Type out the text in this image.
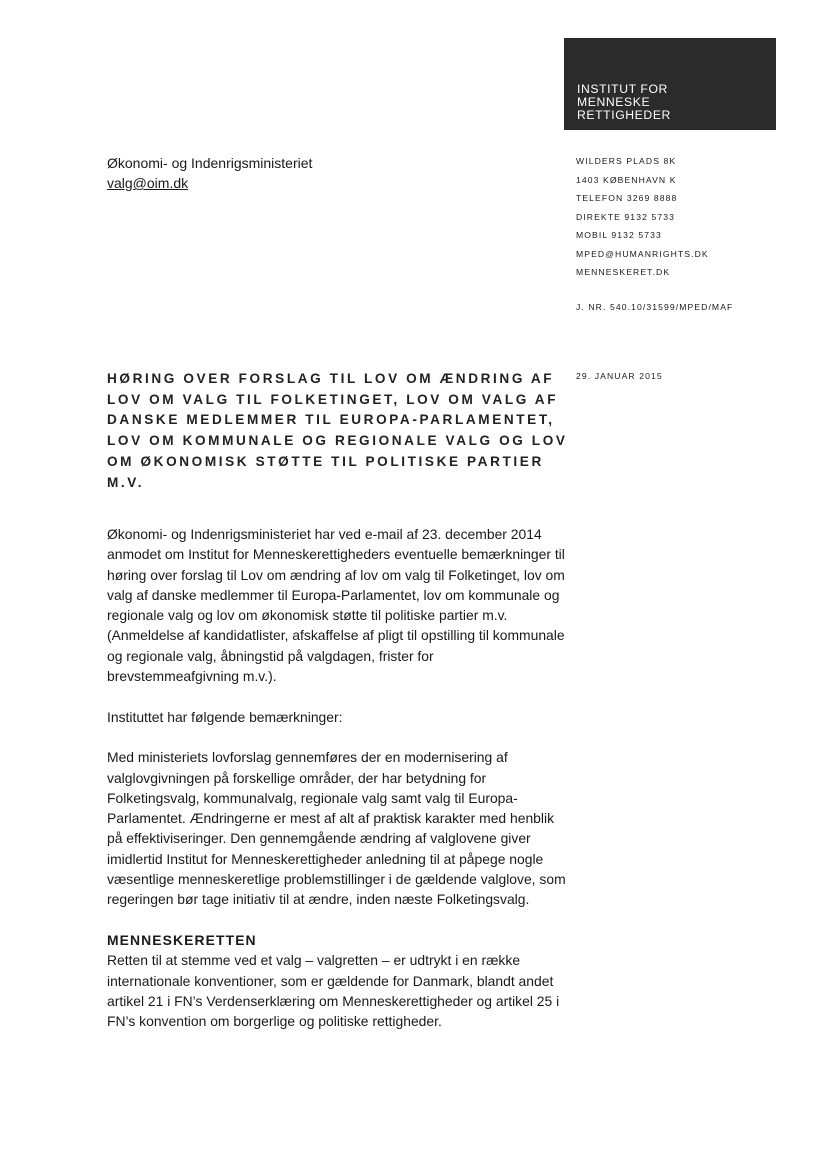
INSTITUT FOR
MENNESKE
RETTIGHEDER
Økonomi- og Indenrigsministeriet
valg@oim.dk
WILDERS PLADS 8K
1403 KØBENHAVN K
TELEFON 3269 8888
DIREKTE 9132 5733
MOBIL 9132 5733
MPED@HUMANRIGHTS.DK
MENNESKERET.DK
J. NR. 540.10/31599/MPED/MAF
29. JANUAR 2015
HØRING OVER FORSLAG TIL LOV OM ÆNDRING AF LOV OM VALG TIL FOLKETINGET, LOV OM VALG AF DANSKE MEDLEMMER TIL EUROPA-PARLAMENTET, LOV OM KOMMUNALE OG REGIONALE VALG OG LOV OM ØKONOMISK STØTTE TIL POLITISKE PARTIER M.V.

Økonomi- og Indenrigsministeriet har ved e-mail af 23. december 2014 anmodet om Institut for Menneskerettigheders eventuelle bemærkninger til høring over forslag til Lov om ændring af lov om valg til Folketinget, lov om valg af danske medlemmer til Europa-Parlamentet, lov om kommunale og regionale valg og lov om økonomisk støtte til politiske partier m.v. (Anmeldelse af kandidatlister, afskaffelse af pligt til opstilling til kommunale og regionale valg, åbningstid på valgdagen, frister for brevstemmeafgivning m.v.).

Instituttet har følgende bemærkninger:

Med ministeriets lovforslag gennemføres der en modernisering af valglovgivningen på forskellige områder, der har betydning for Folketingsvalg, kommunalvalg, regionale valg samt valg til Europa-Parlamentet. Ændringerne er mest af alt af praktisk karakter med henblik på effektiviseringer. Den gennemgående ændring af valglovene giver imidlertid Institut for Menneskerettigheder anledning til at påpege nogle væsentlige menneskeretlige problemstillinger i de gældende valglove, som regeringen bør tage initiativ til at ændre, inden næste Folketingsvalg.

MENNESKERETTEN

Retten til at stemme ved et valg – valgretten – er udtrykt i en række internationale konventioner, som er gældende for Danmark, blandt andet artikel 21 i FN’s Verdenserklæring om Menneskerettigheder og artikel 25 i FN’s konvention om borgerlige og politiske rettigheder.
